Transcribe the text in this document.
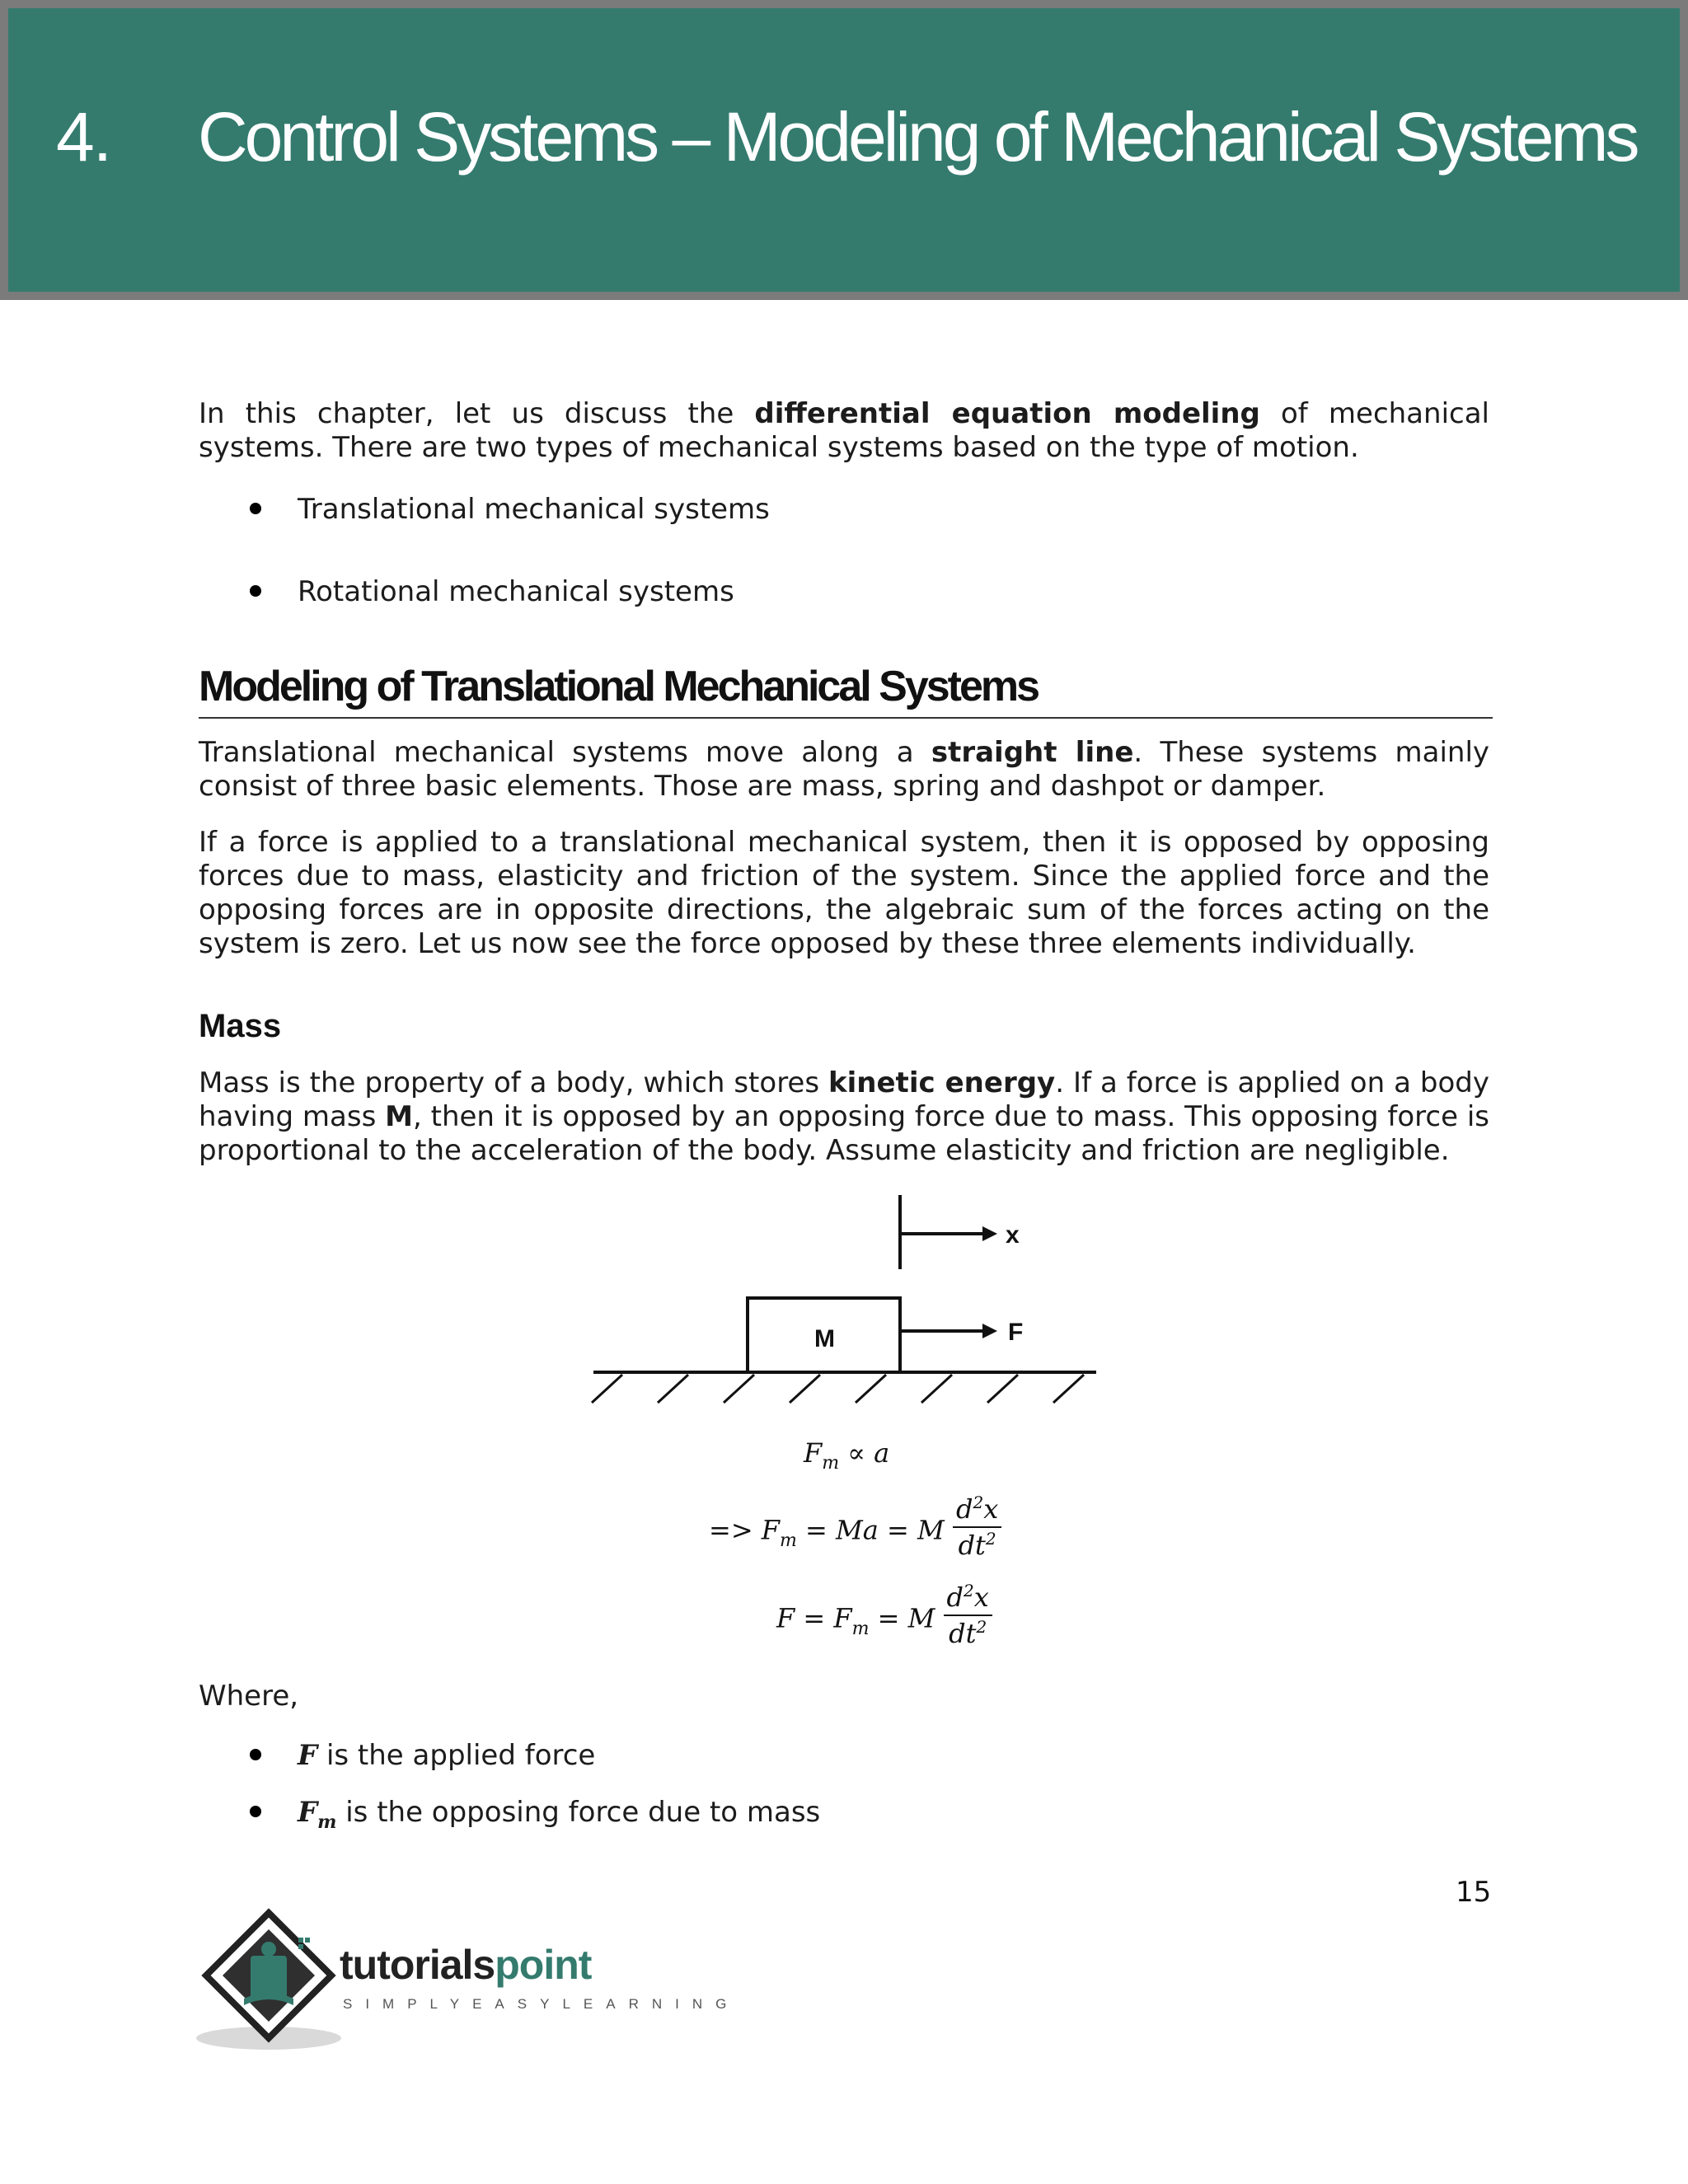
4. Control Systems – Modeling of Mechanical Systems

In this chapter, let us discuss the differential equation modeling of mechanical systems. There are two types of mechanical systems based on the type of motion.

Translational mechanical systems
Rotational mechanical systems
Modeling of Translational Mechanical Systems

Translational mechanical systems move along a straight line. These systems mainly consist of three basic elements. Those are mass, spring and dashpot or damper.

If a force is applied to a translational mechanical system, then it is opposed by opposing forces due to mass, elasticity and friction of the system. Since the applied force and the opposing forces are in opposite directions, the algebraic sum of the forces acting on the system is zero. Let us now see the force opposed by these three elements individually.

Mass

Mass is the property of a body, which stores kinetic energy. If a force is applied on a body having mass M, then it is opposed by an opposing force due to mass. This opposing force is proportional to the acceleration of the body. Assume elasticity and friction are negligible.

x
M	F
$F_m \propto a$
=> $F_m = Ma = M \frac{d^2x}{dt^2}$
$F = F_m = M \frac{d^2x}{dt^2}$

Where,

F is the applied force
$F_m$ is the opposing force due to mass
15
tutorialspoint
SIMPLYEASYLEARNING
